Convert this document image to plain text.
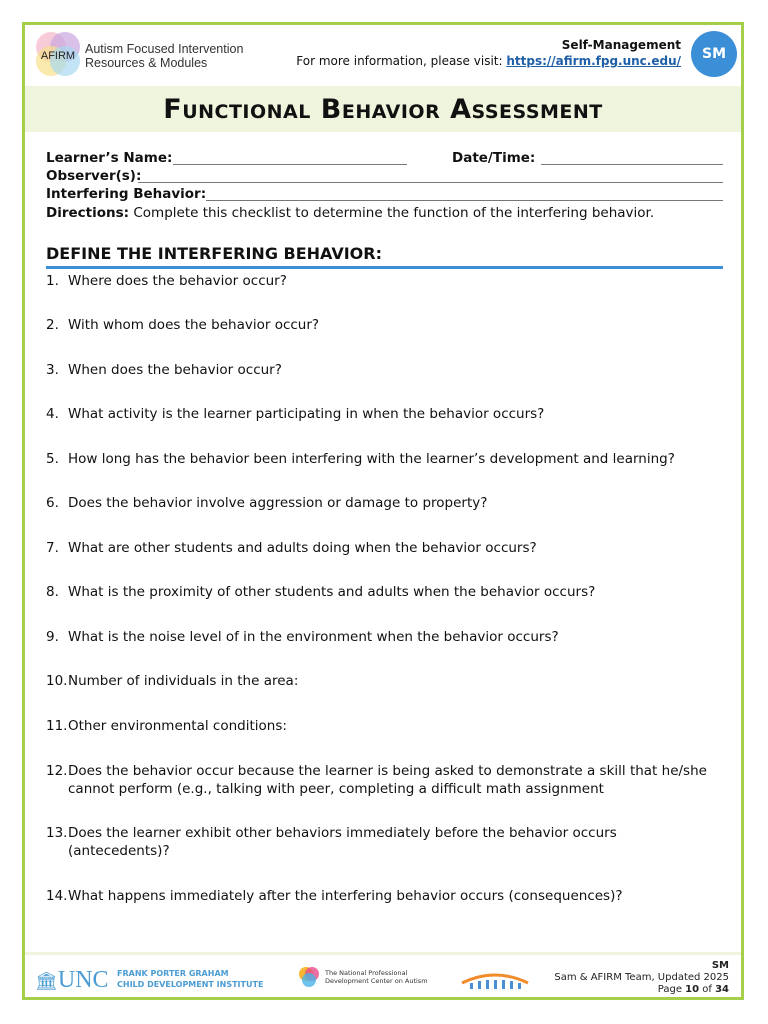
AFIRM Autism Focused Intervention
Resources & Modules
Self-Management
For more information, please visit: https://afirm.fpg.unc.edu/	SM
Functional Behavior Assessment
Learner’s Name:	Date/Time:
Observer(s):
Interfering Behavior:
Directions: Complete this checklist to determine the function of the interfering behavior.
DEFINE THE INTERFERING BEHAVIOR:
1. Where does the behavior occur?
2. With whom does the behavior occur?
3. When does the behavior occur?
4. What activity is the learner participating in when the behavior occurs?
5. How long has the behavior been interfering with the learner’s development and learning?
6. Does the behavior involve aggression or damage to property?
7. What are other students and adults doing when the behavior occurs?
8. What is the proximity of other students and adults when the behavior occurs?
9. What is the noise level of in the environment when the behavior occurs?
10. Number of individuals in the area:
11. Other environmental conditions:
12. Does the behavior occur because the learner is being asked to demonstrate a skill that he/she cannot perform (e.g., talking with peer, completing a difficult math assignment
13. Does the learner exhibit other behaviors immediately before the behavior occurs (antecedents)?
14. What happens immediately after the interfering behavior occurs (consequences)?
🏛UNC FRANK PORTER GRAHAM
CHILD DEVELOPMENT INSTITUTE
The National Professional
Development Center on Autism
SM
Sam & AFIRM Team, Updated 2025
Page 10 of 34
